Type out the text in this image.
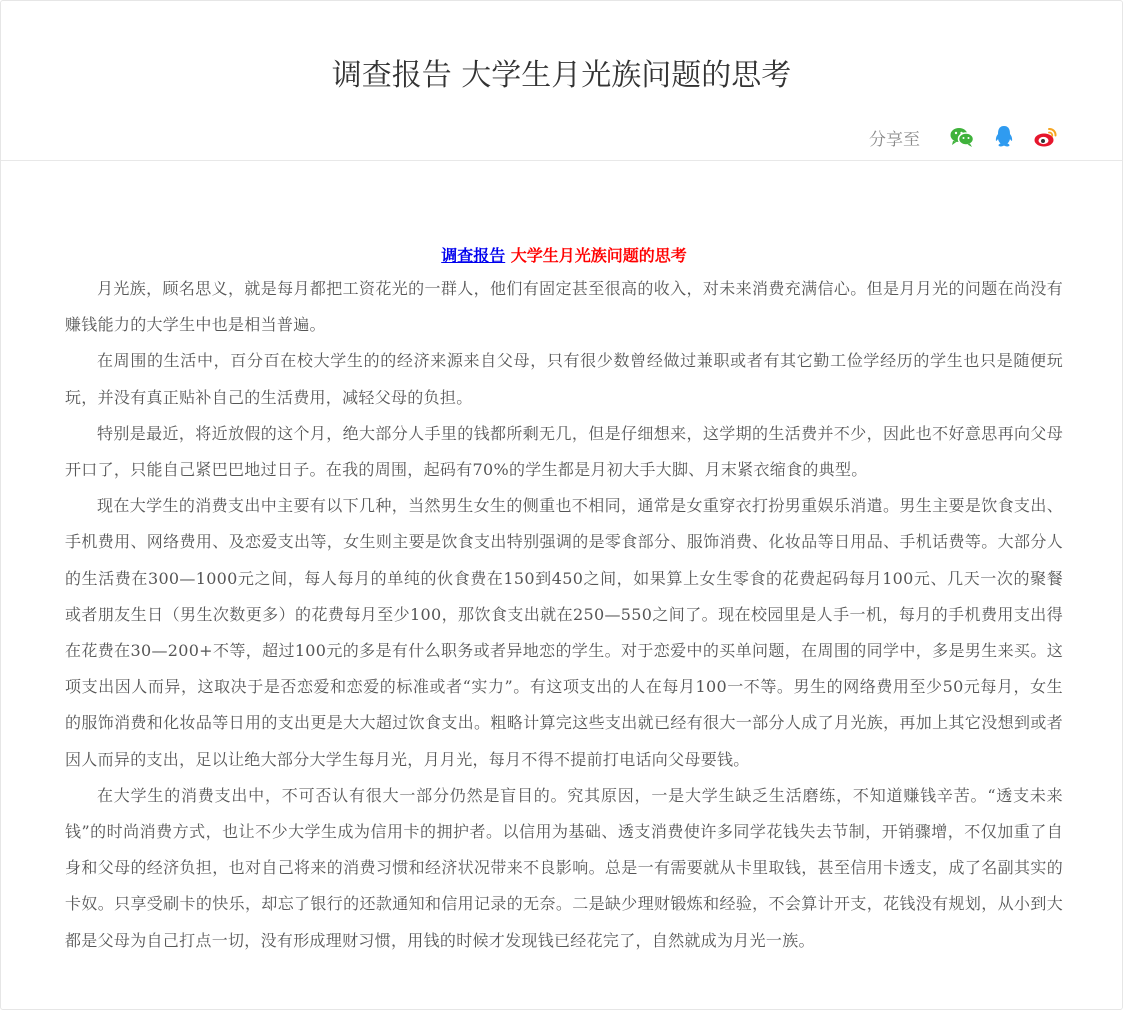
调查报告 大学生月光族问题的思考
分享至
调查报告 大学生月光族问题的思考

月光族，顾名思义，就是每月都把工资花光的一群人，他们有固定甚至很高的收入，对未来消费充满信心。但是月月光的问题在尚没有赚钱能力的大学生中也是相当普遍。

在周围的生活中，百分百在校大学生的的经济来源来自父母，只有很少数曾经做过兼职或者有其它勤工俭学经历的学生也只是随便玩玩，并没有真正贴补自己的生活费用，减轻父母的负担。

特别是最近，将近放假的这个月，绝大部分人手里的钱都所剩无几，但是仔细想来，这学期的生活费并不少，因此也不好意思再向父母开口了，只能自己紧巴巴地过日子。在我的周围，起码有70%的学生都是月初大手大脚、月末紧衣缩食的典型。

现在大学生的消费支出中主要有以下几种，当然男生女生的侧重也不相同，通常是女重穿衣打扮男重娱乐消遣。男生主要是饮食支出、手机费用、网络费用、及恋爱支出等，女生则主要是饮食支出特别强调的是零食部分、服饰消费、化妆品等日用品、手机话费等。大部分人的生活费在300—1000元之间，每人每月的单纯的伙食费在150到450之间，如果算上女生零食的花费起码每月100元、几天一次的聚餐或者朋友生日（男生次数更多）的花费每月至少100，那饮食支出就在250—550之间了。现在校园里是人手一机，每月的手机费用支出得在花费在30—200+不等，超过100元的多是有什么职务或者异地恋的学生。对于恋爱中的买单问题，在周围的同学中，多是男生来买。这项支出因人而异，这取决于是否恋爱和恋爱的标准或者“实力”。有这项支出的人在每月100一不等。男生的网络费用至少50元每月，女生的服饰消费和化妆品等日用的支出更是大大超过饮食支出。粗略计算完这些支出就已经有很大一部分人成了月光族，再加上其它没想到或者因人而异的支出，足以让绝大部分大学生每月光，月月光，每月不得不提前打电话向父母要钱。

在大学生的消费支出中，不可否认有很大一部分仍然是盲目的。究其原因，一是大学生缺乏生活磨练，不知道赚钱辛苦。“透支未来钱”的时尚消费方式，也让不少大学生成为信用卡的拥护者。以信用为基础、透支消费使许多同学花钱失去节制，开销骤增，不仅加重了自身和父母的经济负担，也对自己将来的消费习惯和经济状况带来不良影响。总是一有需要就从卡里取钱，甚至信用卡透支，成了名副其实的卡奴。只享受刷卡的快乐，却忘了银行的还款通知和信用记录的无奈。二是缺少理财锻炼和经验，不会算计开支，花钱没有规划，从小到大都是父母为自己打点一切，没有形成理财习惯，用钱的时候才发现钱已经花完了，自然就成为月光一族。
